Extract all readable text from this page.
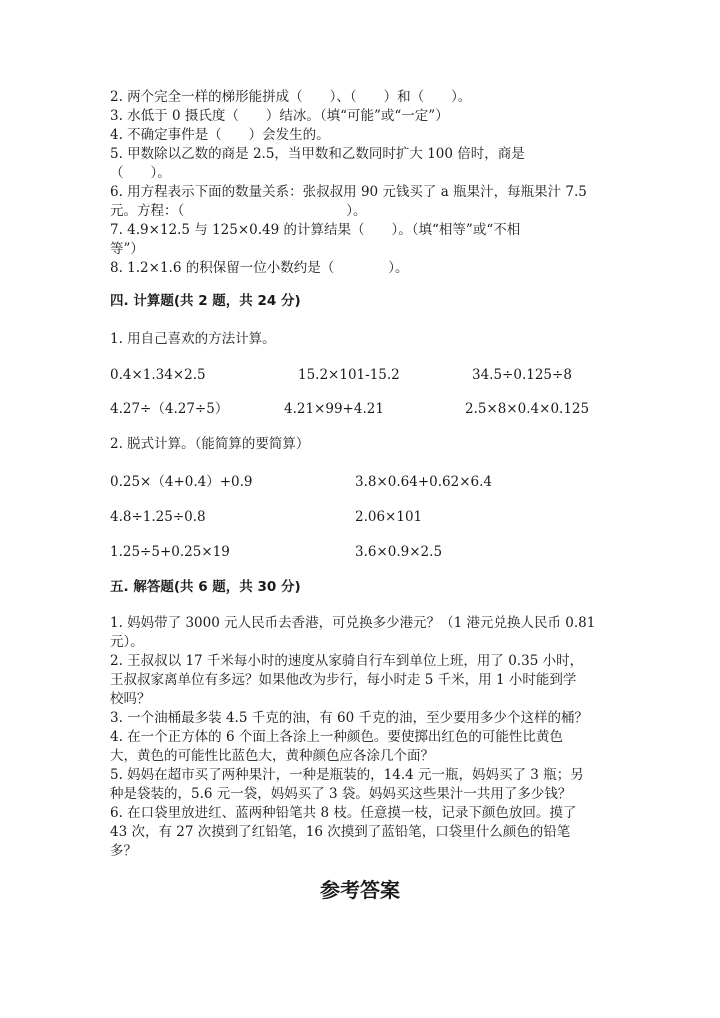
2. 两个完全一样的梯形能拼成（　　）、（　　）和（　　）。
3. 水低于 0 摄氏度（　　）结冰。（填“可能”或“一定”）
4. 不确定事件是（　　）会发生的。
5. 甲数除以乙数的商是 2.5，当甲数和乙数同时扩大 100 倍时，商是
（　　）。
6. 用方程表示下面的数量关系：张叔叔用 90 元钱买了 a 瓶果汁，每瓶果汁 7.5
元。方程：（　　　　　　　　　　　　）。
7. 4.9×12.5 与 125×0.49 的计算结果（　　）。（填“相等”或“不相
等”）
8. 1.2×1.6 的积保留一位小数约是（　　　　）。
四. 计算题(共 2 题，共 24 分)
1. 用自己喜欢的方法计算。
0.4×1.34×2.5	15.2×101-15.2	34.5÷0.125÷8
4.27÷（4.27÷5）	4.21×99+4.21	2.5×8×0.4×0.125
2. 脱式计算。（能简算的要简算）
0.25×（4+0.4）+0.9	3.8×0.64+0.62×6.4
4.8÷1.25÷0.8	2.06×101
1.25÷5+0.25×19	3.6×0.9×2.5
五. 解答题(共 6 题，共 30 分)
1. 妈妈带了 3000 元人民币去香港，可兑换多少港元？（1 港元兑换人民币 0.81
元）。
2. 王叔叔以 17 千米每小时的速度从家骑自行车到单位上班，用了 0.35 小时，
王叔叔家离单位有多远？如果他改为步行，每小时走 5 千米，用 1 小时能到学
校吗？
3. 一个油桶最多装 4.5 千克的油，有 60 千克的油，至少要用多少个这样的桶？
4. 在一个正方体的 6 个面上各涂上一种颜色。要使掷出红色的可能性比黄色
大，黄色的可能性比蓝色大，黄种颜色应各涂几个面？
5. 妈妈在超市买了两种果汁，一种是瓶装的，14.4 元一瓶，妈妈买了 3 瓶；另
种是袋装的，5.6 元一袋，妈妈买了 3 袋。妈妈买这些果汁一共用了多少钱？
6. 在口袋里放进红、蓝两种铅笔共 8 枝。任意摸一枝，记录下颜色放回。摸了
43 次，有 27 次摸到了红铅笔，16 次摸到了蓝铅笔，口袋里什么颜色的铅笔
多？
参考答案
